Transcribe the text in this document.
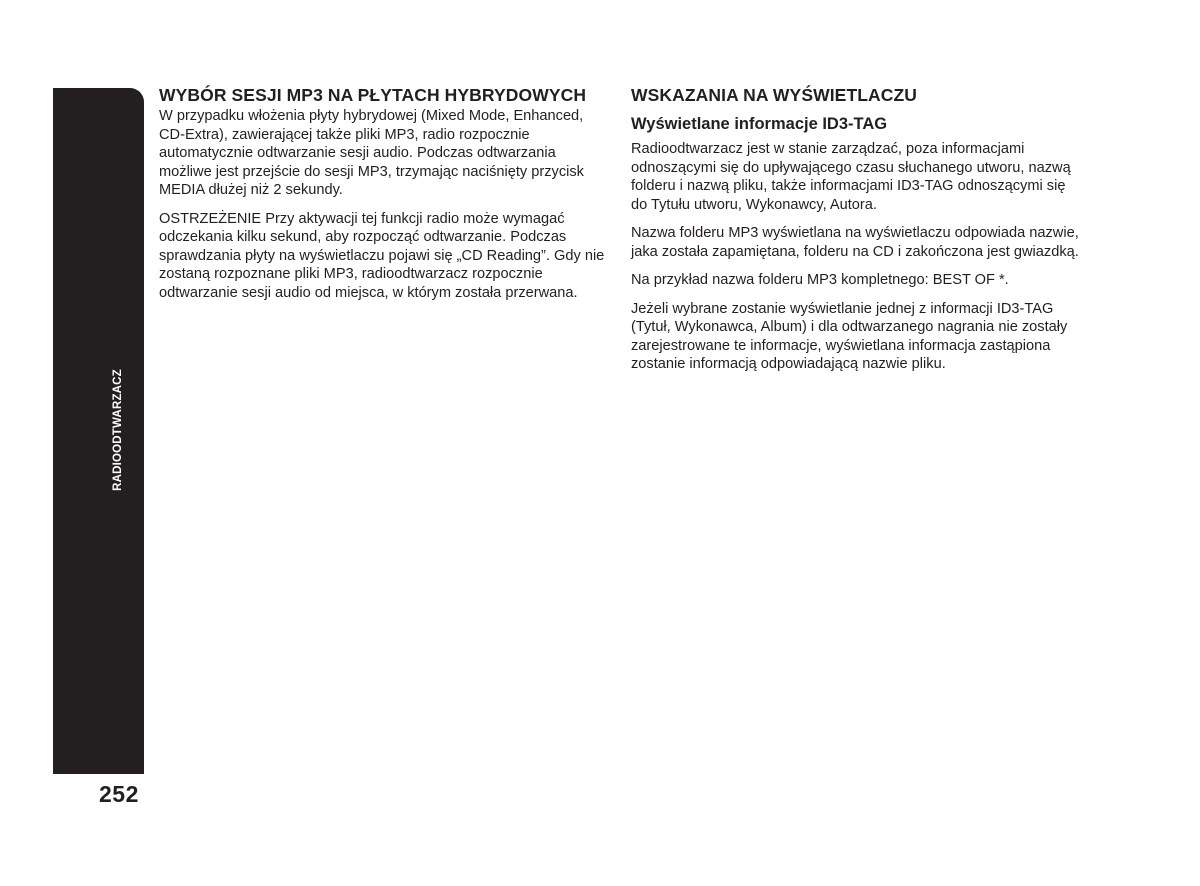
RADIOODTWARZACZ
252
WYBÓR SESJI MP3 NA PŁYTACH HYBRYDOWYCH

W przypadku włożenia płyty hybrydowej (Mixed Mode, Enhanced, CD-Extra), zawierającej także pliki MP3, radio rozpocznie automatycznie odtwarzanie sesji audio. Podczas odtwarzania możliwe jest przejście do sesji MP3, trzymając naciśnięty przycisk MEDIA dłużej niż 2 sekundy.

OSTRZEŻENIE Przy aktywacji tej funkcji radio może wymagać odczekania kilku sekund, aby rozpocząć odtwarzanie. Podczas sprawdzania płyty na wyświetlaczu pojawi się „CD Reading”. Gdy nie zostaną rozpoznane pliki MP3, radioodtwarzacz rozpocznie odtwarzanie sesji audio od miejsca, w którym została przerwana.

WSKAZANIA NA WYŚWIETLACZU
Wyświetlane informacje ID3-TAG

Radioodtwarzacz jest w stanie zarządzać, poza informacjami odnoszącymi się do upływającego czasu słuchanego utworu, nazwą folderu i nazwą pliku, także informacjami ID3-TAG odnoszącymi się do Tytułu utworu, Wykonawcy, Autora.

Nazwa folderu MP3 wyświetlana na wyświetlaczu odpowiada nazwie, jaka została zapamiętana, folderu na CD i zakończona jest gwiazdką.

Na przykład nazwa folderu MP3 kompletnego: BEST OF *.

Jeżeli wybrane zostanie wyświetlanie jednej z informacji ID3-TAG (Tytuł, Wykonawca, Album) i dla odtwarzanego nagrania nie zostały zarejestrowane te informacje, wyświetlana informacja zastąpiona zostanie informacją odpowiadającą nazwie pliku.
